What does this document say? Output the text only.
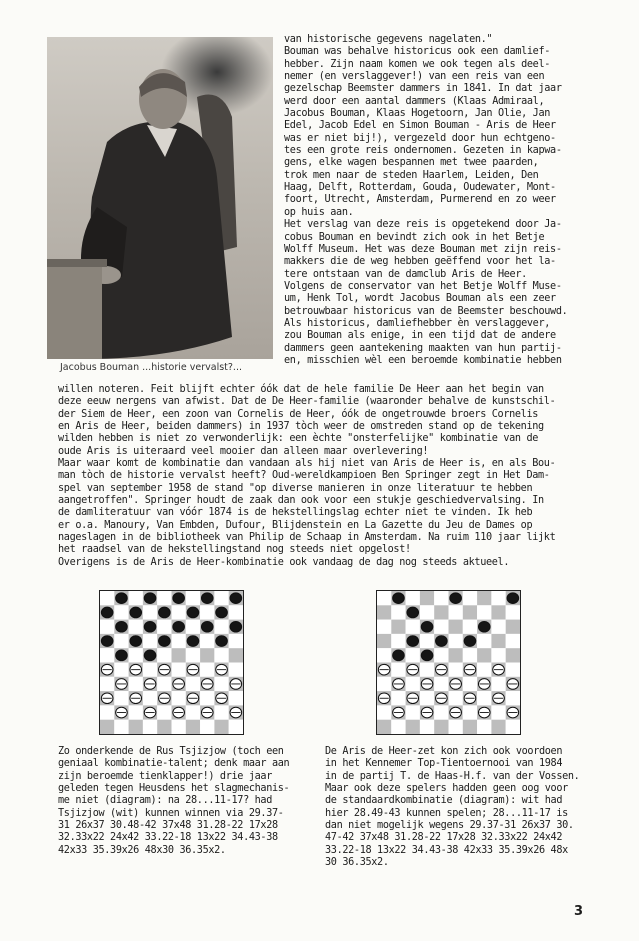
Jacobus Bouman ...historie vervalst?...
van historische gegevens nagelaten."
Bouman was behalve historicus ook een damlief-
hebber. Zijn naam komen we ook tegen als deel-
nemer (en verslaggever!) van een reis van een
gezelschap Beemster dammers in 1841. In dat jaar
werd door een aantal dammers (Klaas Admiraal,
Jacobus Bouman, Klaas Hogetoorn, Jan Olie, Jan
Edel, Jacob Edel en Simon Bouman - Aris de Heer
was er niet bij!), vergezeld door hun echtgeno-
tes een grote reis ondernomen. Gezeten in kapwa-
gens, elke wagen bespannen met twee paarden,
trok men naar de steden Haarlem, Leiden, Den
Haag, Delft, Rotterdam, Gouda, Oudewater, Mont-
foort, Utrecht, Amsterdam, Purmerend en zo weer
op huis aan.
Het verslag van deze reis is opgetekend door Ja-
cobus Bouman en bevindt zich ook in het Betje
Wolff Museum. Het was deze Bouman met zijn reis-
makkers die de weg hebben geëffend voor het la-
tere ontstaan van de damclub Aris de Heer.
Volgens de conservator van het Betje Wolff Muse-
um, Henk Tol, wordt Jacobus Bouman als een zeer
betrouwbaar historicus van de Beemster beschouwd.
Als historicus, damliefhebber èn verslaggever,
zou Bouman als enige, in een tijd dat de andere
dammers geen aantekening maakten van hun partij-
en, misschien wèl een beroemde kombinatie hebben
willen noteren. Feit blijft echter óók dat de hele familie De Heer aan het begin van
deze eeuw nergens van afwist. Dat de De Heer-familie (waaronder behalve de kunstschil-
der Siem de Heer, een zoon van Cornelis de Heer, óók de ongetrouwde broers Cornelis
en Aris de Heer, beiden dammers) in 1937 tòch weer de omstreden stand op de tekening
wilden hebben is niet zo verwonderlijk: een èchte "onsterfelijke" kombinatie van de
oude Aris is uiteraard veel mooier dan alleen maar overlevering!
Maar waar komt de kombinatie dan vandaan als hij niet van Aris de Heer is, en als Bou-
man tòch de historie vervalst heeft? Oud-wereldkampioen Ben Springer zegt in Het Dam-
spel van september 1958 de stand "op diverse manieren in onze literatuur te hebben
aangetroffen". Springer houdt de zaak dan ook voor een stukje geschiedvervalsing. In
de damliteratuur van vóór 1874 is de hekstellingslag echter niet te vinden. Ik heb
er o.a. Manoury, Van Embden, Dufour, Blijdenstein en La Gazette du Jeu de Dames op
nageslagen in de bibliotheek van Philip de Schaap in Amsterdam. Na ruim 110 jaar lijkt
het raadsel van de hekstellingstand nog steeds niet opgelost!
Overigens is de Aris de Heer-kombinatie ook vandaag de dag nog steeds aktueel.
Zo onderkende de Rus Tsjizjow (toch een
geniaal kombinatie-talent; denk maar aan
zijn beroemde tienklapper!) drie jaar
geleden tegen Heusdens het slagmechanis-
me niet (diagram): na 28...11-17? had
Tsjizjow (wit) kunnen winnen via 29.37-
31 26x37 30.48-42 37x48 31.28-22 17x28
32.33x22 24x42 33.22-18 13x22 34.43-38
42x33 35.39x26 48x30 36.35x2.
De Aris de Heer-zet kon zich ook voordoen
in het Kennemer Top-Tientoernooi van 1984
in de partij T. de Haas-H.f. van der Vossen.
Maar ook deze spelers hadden geen oog voor
de standaardkombinatie (diagram): wit had
hier 28.49-43 kunnen spelen; 28...11-17 is
dan niet mogelijk wegens 29.37-31 26x37 30.
47-42 37x48 31.28-22 17x28 32.33x22 24x42
33.22-18 13x22 34.43-38 42x33 35.39x26 48x
30 36.35x2.
3
